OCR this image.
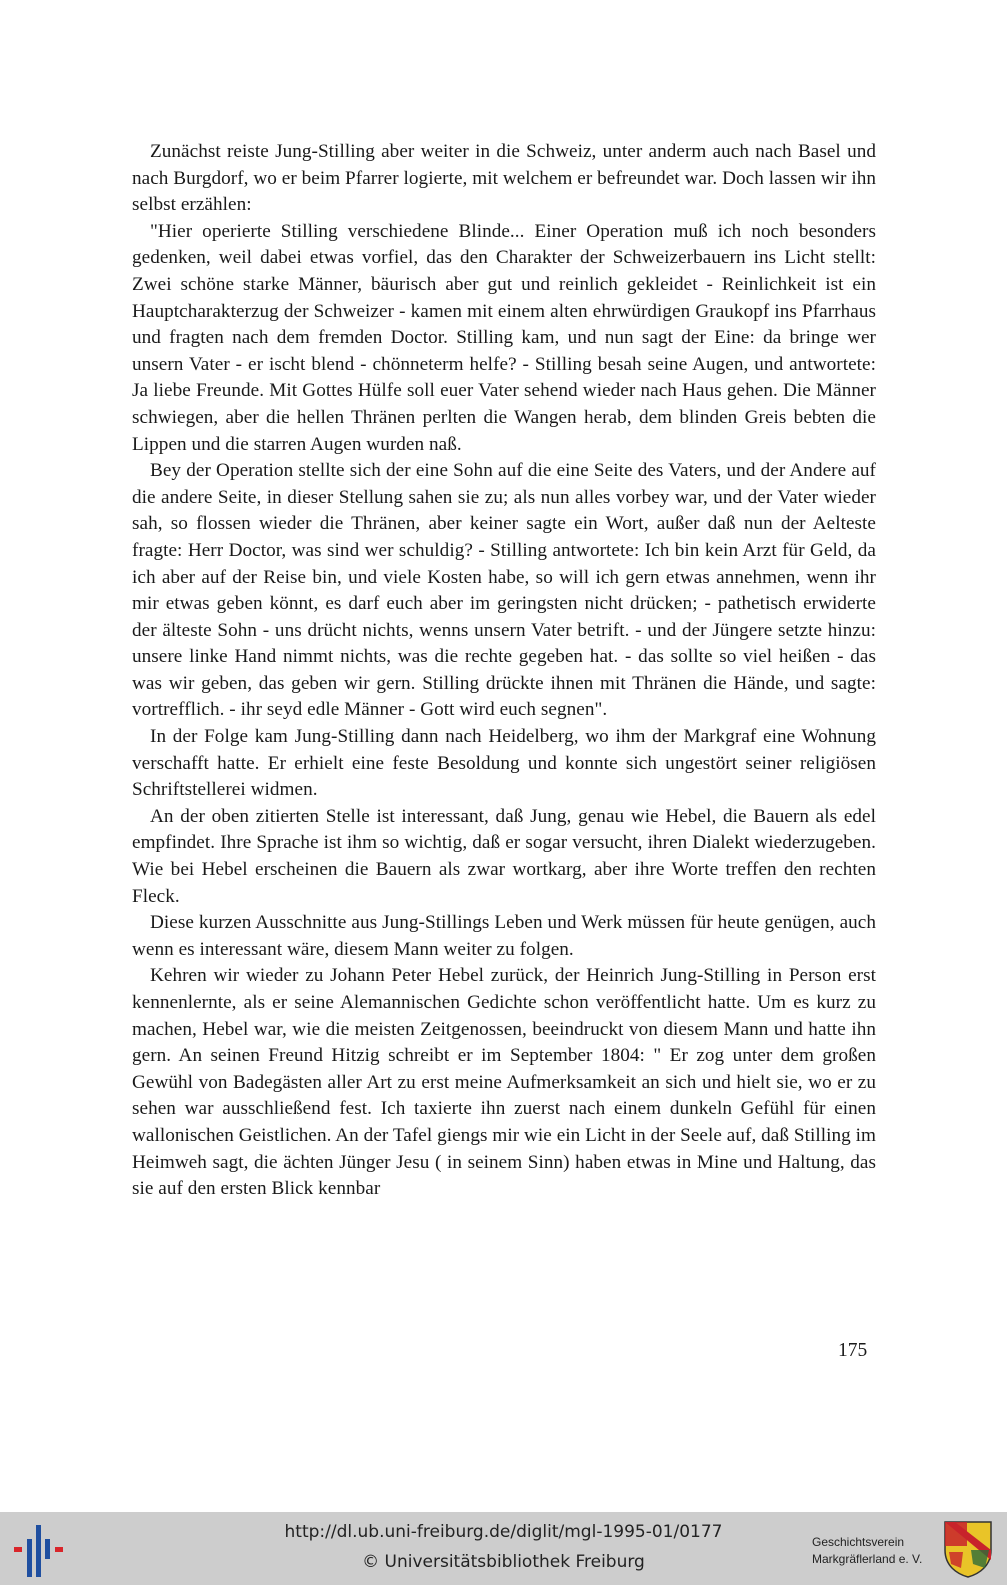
Zunächst reiste Jung-Stilling aber weiter in die Schweiz, unter anderm auch nach Basel und nach Burgdorf, wo er beim Pfarrer logierte, mit welchem er befreundet war. Doch lassen wir ihn selbst erzählen:

"Hier operierte Stilling verschiedene Blinde... Einer Operation muß ich noch besonders gedenken, weil dabei etwas vorfiel, das den Charakter der Schweizerbauern ins Licht stellt: Zwei schöne starke Männer, bäurisch aber gut und reinlich gekleidet - Reinlichkeit ist ein Hauptcharakterzug der Schweizer - kamen mit einem alten ehrwürdigen Graukopf ins Pfarrhaus und fragten nach dem fremden Doctor. Stilling kam, und nun sagt der Eine: da bringe wer unsern Vater - er ischt blend - chönneterm helfe? - Stilling besah seine Augen, und antwortete: Ja liebe Freunde. Mit Gottes Hülfe soll euer Vater sehend wieder nach Haus gehen. Die Männer schwiegen, aber die hellen Thränen perlten die Wangen herab, dem blinden Greis bebten die Lippen und die starren Augen wurden naß.

Bey der Operation stellte sich der eine Sohn auf die eine Seite des Vaters, und der Andere auf die andere Seite, in dieser Stellung sahen sie zu; als nun alles vorbey war, und der Vater wieder sah, so flossen wieder die Thränen, aber keiner sagte ein Wort, außer daß nun der Aelteste fragte: Herr Doctor, was sind wer schuldig? - Stilling antwortete: Ich bin kein Arzt für Geld, da ich aber auf der Reise bin, und viele Kosten habe, so will ich gern etwas annehmen, wenn ihr mir etwas geben könnt, es darf euch aber im geringsten nicht drücken; - pathetisch erwiderte der älteste Sohn - uns drücht nichts, wenns unsern Vater betrift. - und der Jüngere setzte hinzu: unsere linke Hand nimmt nichts, was die rechte gegeben hat. - das sollte so viel heißen - das was wir geben, das geben wir gern. Stilling drückte ihnen mit Thränen die Hände, und sagte: vortrefflich. - ihr seyd edle Männer - Gott wird euch segnen".

In der Folge kam Jung-Stilling dann nach Heidelberg, wo ihm der Markgraf eine Wohnung verschafft hatte. Er erhielt eine feste Besoldung und konnte sich ungestört seiner religiösen Schriftstellerei widmen.

An der oben zitierten Stelle ist interessant, daß Jung, genau wie Hebel, die Bauern als edel empfindet. Ihre Sprache ist ihm so wichtig, daß er sogar versucht, ihren Dialekt wiederzugeben. Wie bei Hebel erscheinen die Bauern als zwar wortkarg, aber ihre Worte treffen den rechten Fleck.

Diese kurzen Ausschnitte aus Jung-Stillings Leben und Werk müssen für heute genügen, auch wenn es interessant wäre, diesem Mann weiter zu folgen.

Kehren wir wieder zu Johann Peter Hebel zurück, der Heinrich Jung-Stilling in Person erst kennenlernte, als er seine Alemannischen Gedichte schon veröffentlicht hatte. Um es kurz zu machen, Hebel war, wie die meisten Zeitgenossen, beeindruckt von diesem Mann und hatte ihn gern. An seinen Freund Hitzig schreibt er im September 1804: " Er zog unter dem großen Gewühl von Badegästen aller Art zu erst meine Aufmerksamkeit an sich und hielt sie, wo er zu sehen war ausschließend fest. Ich taxierte ihn zuerst nach einem dunkeln Gefühl für einen wallonischen Geistlichen. An der Tafel giengs mir wie ein Licht in der Seele auf, daß Stilling im Heimweh sagt, die ächten Jünger Jesu ( in seinem Sinn) haben etwas in Mine und Haltung, das sie auf den ersten Blick kennbar

175
http://dl.ub.uni-freiburg.de/diglit/mgl-1995-01/0177
© Universitätsbibliothek Freiburg
Geschichtsverein
Markgräflerland e. V.
